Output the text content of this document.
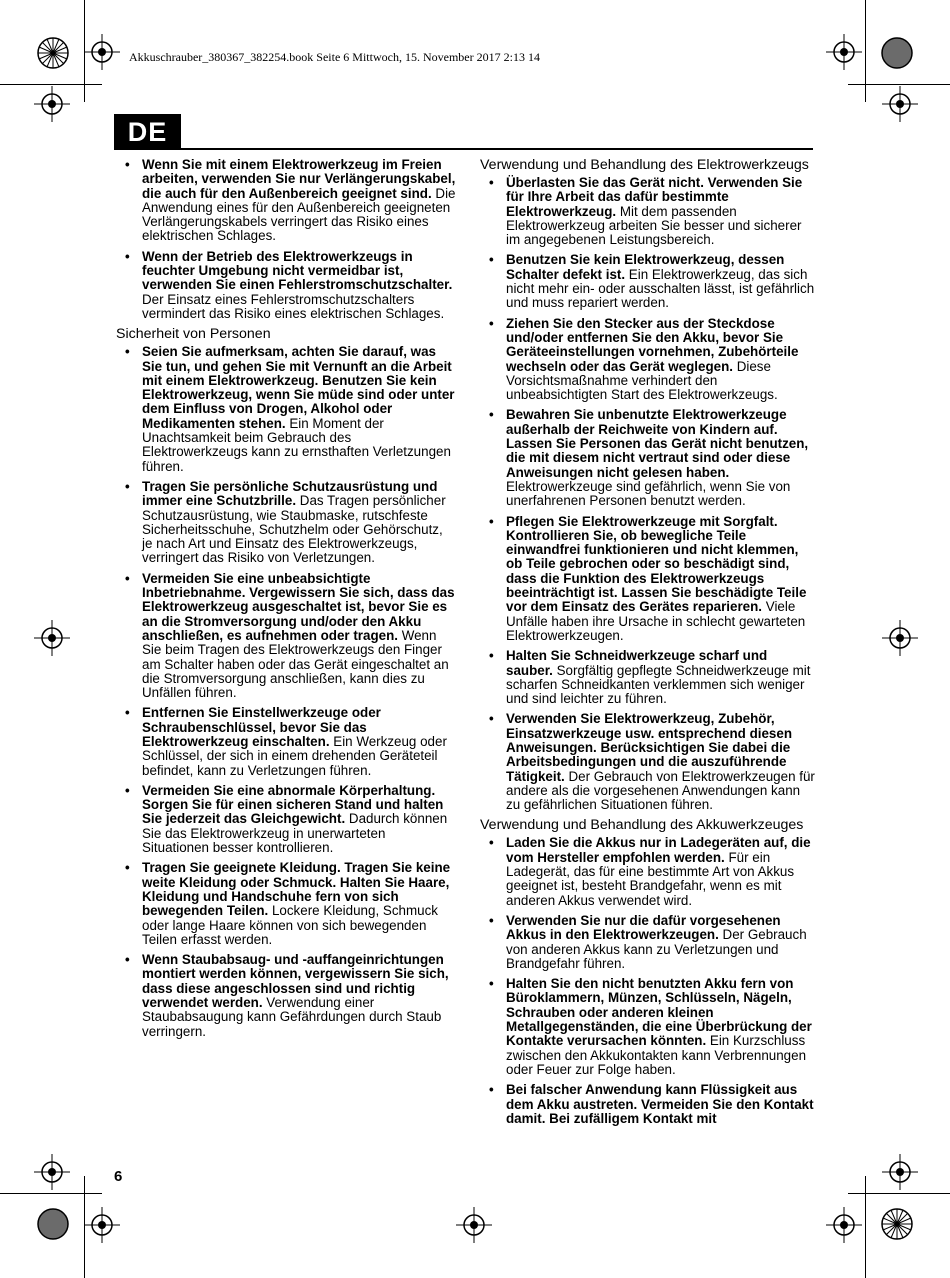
Akkuschrauber_380367_382254.book Seite 6 Mittwoch, 15. November 2017 2:13 14
DE
• Wenn Sie mit einem Elektrowerkzeug im Freien arbeiten, verwenden Sie nur Verlängerungskabel, die auch für den Außenbereich geeignet sind. Die Anwendung eines für den Außenbereich geeigneten Verlängerungskabels verringert das Risiko eines elektrischen Schlages.
• Wenn der Betrieb des Elektrowerkzeugs in feuchter Umgebung nicht vermeidbar ist, verwenden Sie einen Fehlerstromschutzschalter. Der Einsatz eines Fehlerstromschutzschalters vermindert das Risiko eines elektrischen Schlages.
Sicherheit von Personen
• Seien Sie aufmerksam, achten Sie darauf, was Sie tun, und gehen Sie mit Vernunft an die Arbeit mit einem Elektrowerkzeug. Benutzen Sie kein Elektrowerkzeug, wenn Sie müde sind oder unter dem Einfluss von Drogen, Alkohol oder Medikamenten stehen. Ein Moment der Unachtsamkeit beim Gebrauch des Elektrowerkzeugs kann zu ernsthaften Verletzungen führen.
• Tragen Sie persönliche Schutzausrüstung und immer eine Schutzbrille. Das Tragen persönlicher Schutzausrüstung, wie Staubmaske, rutschfeste Sicherheitsschuhe, Schutzhelm oder Gehörschutz, je nach Art und Einsatz des Elektrowerkzeugs, verringert das Risiko von Verletzungen.
• Vermeiden Sie eine unbeabsichtigte Inbetriebnahme. Vergewissern Sie sich, dass das Elektrowerkzeug ausgeschaltet ist, bevor Sie es an die Stromversorgung und/oder den Akku anschließen, es aufnehmen oder tragen. Wenn Sie beim Tragen des Elektrowerkzeugs den Finger am Schalter haben oder das Gerät eingeschaltet an die Stromversorgung anschließen, kann dies zu Unfällen führen.
• Entfernen Sie Einstellwerkzeuge oder Schraubenschlüssel, bevor Sie das Elektrowerkzeug einschalten. Ein Werkzeug oder Schlüssel, der sich in einem drehenden Geräteteil befindet, kann zu Verletzungen führen.
• Vermeiden Sie eine abnormale Körperhaltung. Sorgen Sie für einen sicheren Stand und halten Sie jederzeit das Gleichgewicht. Dadurch können Sie das Elektrowerkzeug in unerwarteten Situationen besser kontrollieren.
• Tragen Sie geeignete Kleidung. Tragen Sie keine weite Kleidung oder Schmuck. Halten Sie Haare, Kleidung und Handschuhe fern von sich bewegenden Teilen. Lockere Kleidung, Schmuck oder lange Haare können von sich bewegenden Teilen erfasst werden.
• Wenn Staubabsaug- und -auffangeinrichtungen montiert werden können, vergewissern Sie sich, dass diese angeschlossen sind und richtig verwendet werden. Verwendung einer Staubabsaugung kann Gefährdungen durch Staub verringern.
Verwendung und Behandlung des Elektrowerkzeugs
• Überlasten Sie das Gerät nicht. Verwenden Sie für Ihre Arbeit das dafür bestimmte Elektrowerkzeug. Mit dem passenden Elektrowerkzeug arbeiten Sie besser und sicherer im angegebenen Leistungsbereich.
• Benutzen Sie kein Elektrowerkzeug, dessen Schalter defekt ist. Ein Elektrowerkzeug, das sich nicht mehr ein- oder ausschalten lässt, ist gefährlich und muss repariert werden.
• Ziehen Sie den Stecker aus der Steckdose und/oder entfernen Sie den Akku, bevor Sie Geräteeinstellungen vornehmen, Zubehörteile wechseln oder das Gerät weglegen. Diese Vorsichtsmaßnahme verhindert den unbeabsichtigten Start des Elektrowerkzeugs.
• Bewahren Sie unbenutzte Elektrowerkzeuge außerhalb der Reichweite von Kindern auf. Lassen Sie Personen das Gerät nicht benutzen, die mit diesem nicht vertraut sind oder diese Anweisungen nicht gelesen haben. Elektrowerkzeuge sind gefährlich, wenn Sie von unerfahrenen Personen benutzt werden.
• Pflegen Sie Elektrowerkzeuge mit Sorgfalt. Kontrollieren Sie, ob bewegliche Teile einwandfrei funktionieren und nicht klemmen, ob Teile gebrochen oder so beschädigt sind, dass die Funktion des Elektrowerkzeugs beeinträchtigt ist. Lassen Sie beschädigte Teile vor dem Einsatz des Gerätes reparieren. Viele Unfälle haben ihre Ursache in schlecht gewarteten Elektrowerkzeugen.
• Halten Sie Schneidwerkzeuge scharf und sauber. Sorgfältig gepflegte Schneidwerkzeuge mit scharfen Schneidkanten verklemmen sich weniger und sind leichter zu führen.
• Verwenden Sie Elektrowerkzeug, Zubehör, Einsatzwerkzeuge usw. entsprechend diesen Anweisungen. Berücksichtigen Sie dabei die Arbeitsbedingungen und die auszuführende Tätigkeit. Der Gebrauch von Elektrowerkzeugen für andere als die vorgesehenen Anwendungen kann zu gefährlichen Situationen führen.
Verwendung und Behandlung des Akkuwerkzeuges
• Laden Sie die Akkus nur in Ladegeräten auf, die vom Hersteller empfohlen werden. Für ein Ladegerät, das für eine bestimmte Art von Akkus geeignet ist, besteht Brandgefahr, wenn es mit anderen Akkus verwendet wird.
• Verwenden Sie nur die dafür vorgesehenen Akkus in den Elektrowerkzeugen. Der Gebrauch von anderen Akkus kann zu Verletzungen und Brandgefahr führen.
• Halten Sie den nicht benutzten Akku fern von Büroklammern, Münzen, Schlüsseln, Nägeln, Schrauben oder anderen kleinen Metallgegenständen, die eine Überbrückung der Kontakte verursachen könnten. Ein Kurzschluss zwischen den Akkukontakten kann Verbrennungen oder Feuer zur Folge haben.
• Bei falscher Anwendung kann Flüssigkeit aus dem Akku austreten. Vermeiden Sie den Kontakt damit. Bei zufälligem Kontakt mit
6
